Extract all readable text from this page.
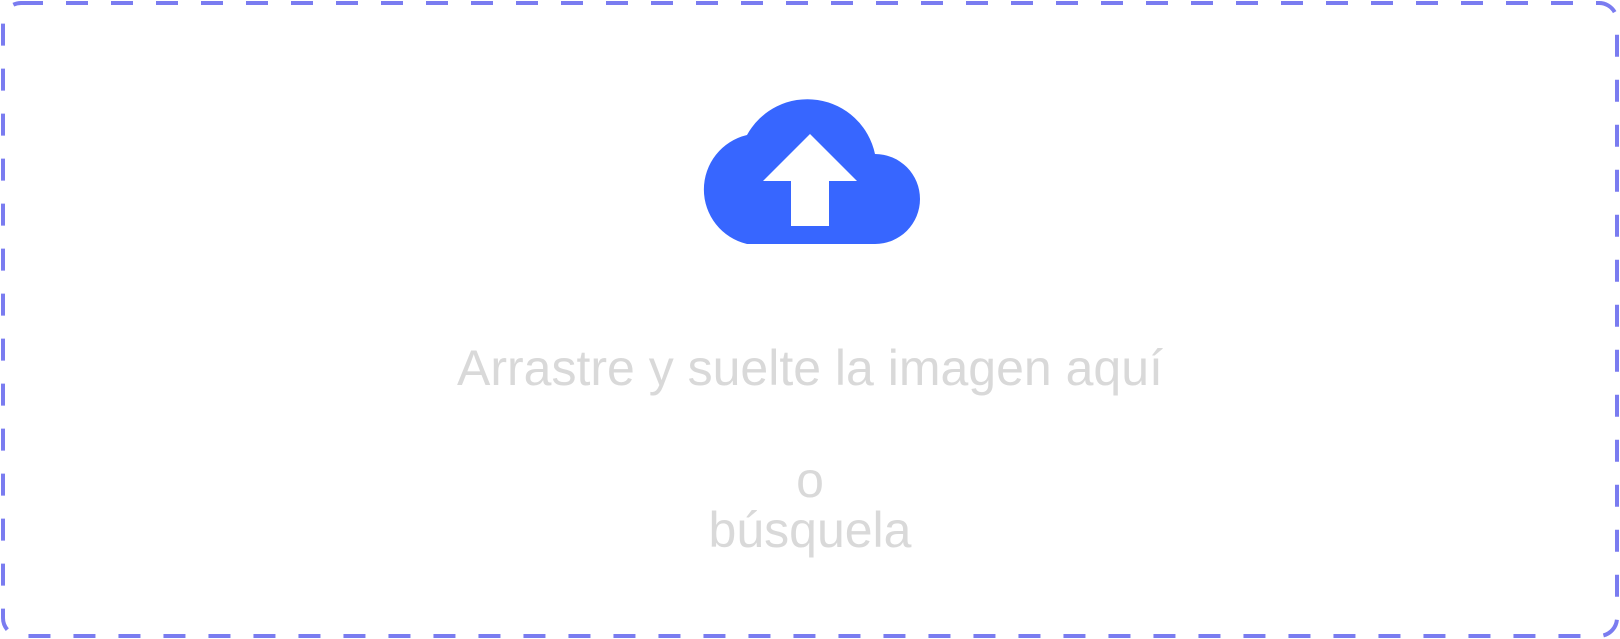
Arrastre y suelte la imagen aquí
o
búsquela
